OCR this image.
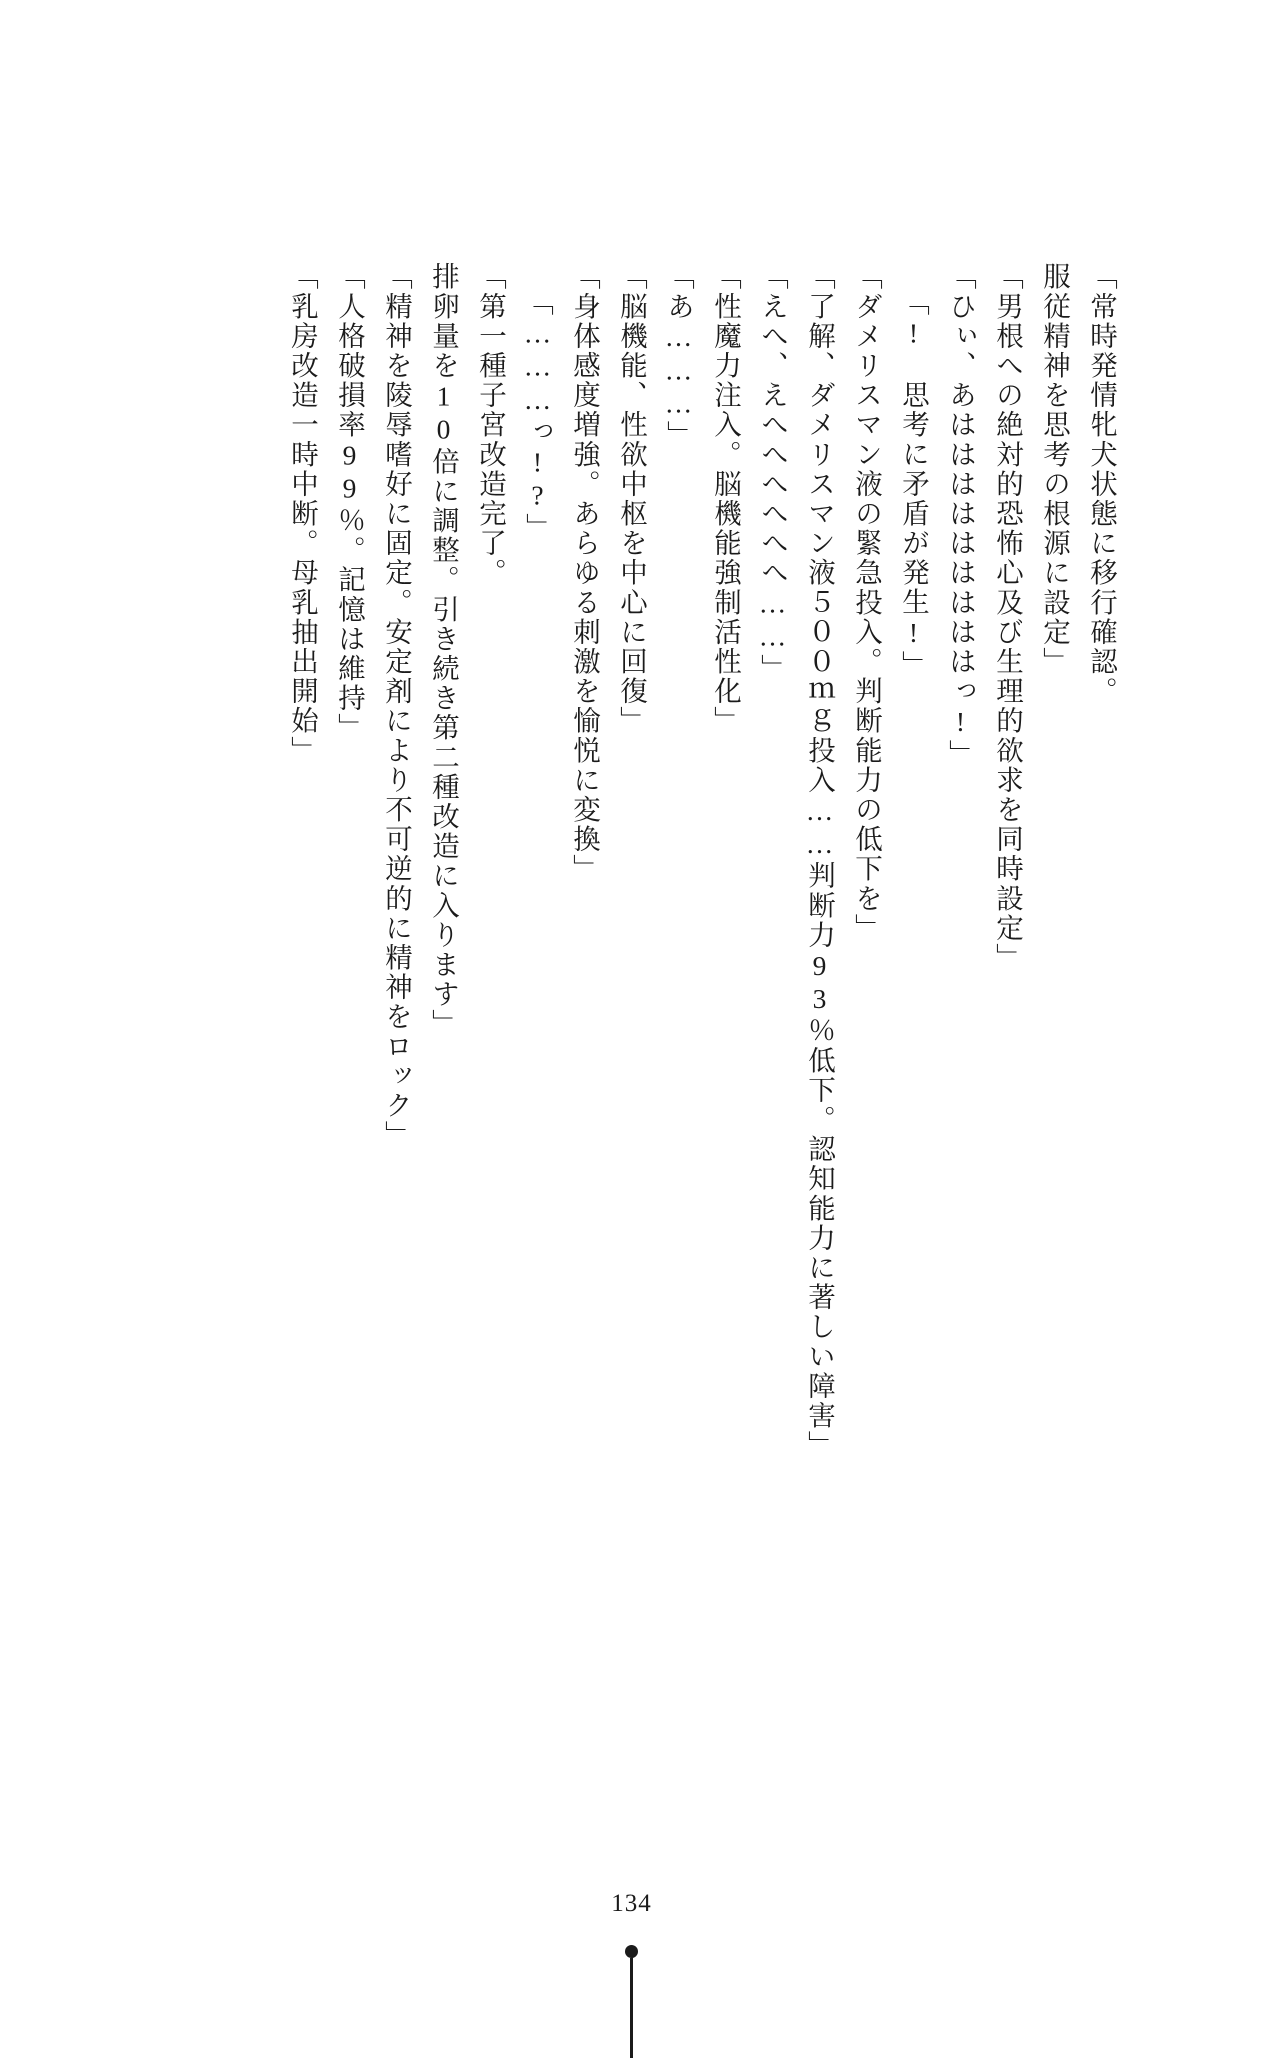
「常時発情牝犬状態に移行確認。
服従精神を思考の根源に設定」
「男根への絶対的恐怖心及び生理的欲求を同時設定」
「ひぃ、あはははははははははっ!」
「!　思考に矛盾が発生!」
「ダメリスマン液の緊急投入。判断能力の低下を」
「了解、ダメリスマン液５００ｍｇ投入……判断力93％低下。認知能力に著しい障害」
「えへ、えへへへへへへ……」
「性魔力注入。脳機能強制活性化」
「あ………」
「脳機能、性欲中枢を中心に回復」
「身体感度増強。あらゆる刺激を愉悦に変換」
「………っ!?」
「第一種子宮改造完了。
排卵量を10倍に調整。引き続き第二種改造に入ります」
「精神を陵辱嗜好に固定。安定剤により不可逆的に精神をロック」
「人格破損率99％。記憶は維持」
「乳房改造一時中断。母乳抽出開始」
134
